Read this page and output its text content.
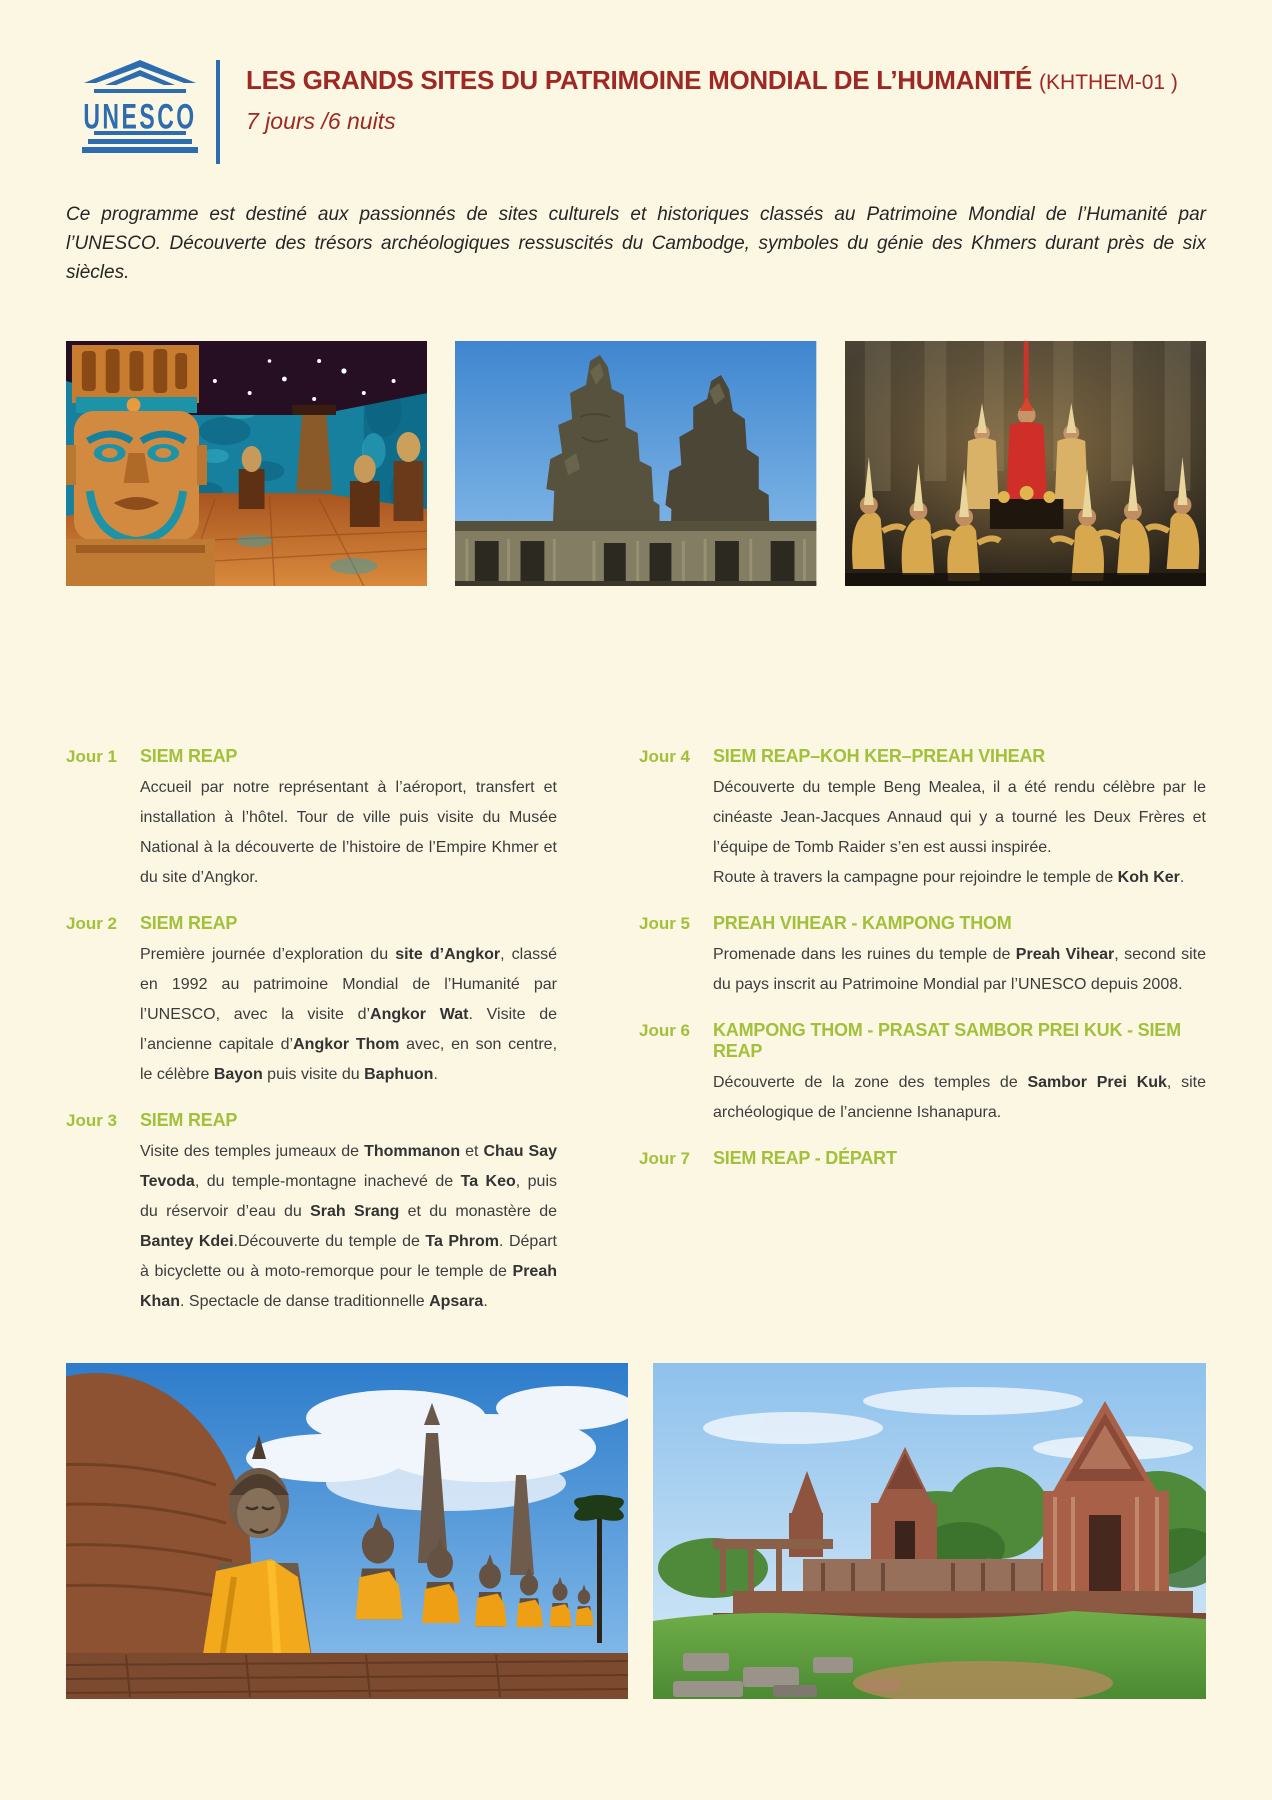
UNESCO
LES GRANDS SITES DU PATRIMOINE MONDIAL DE L’HUMANITÉ (KHTHEM-01 )
7 jours /6 nuits

Ce programme est destiné aux passionnés de sites culturels et historiques classés au Patrimoine Mondial de l’Humanité par l’UNESCO. Découverte des trésors archéologiques ressuscités du Cambodge, symboles du génie des Khmers durant près de six siècles.

Jour 1	SIEM REAP

Accueil par notre représentant à l’aéroport, transfert et installation à l’hôtel. Tour de ville puis visite du Musée National à la découverte de l’histoire de l’Empire Khmer et du site d’Angkor.

Jour 2	SIEM REAP

Première journée d’exploration du site d’Angkor, classé en 1992 au patrimoine Mondial de l’Humanité par l’UNESCO, avec la visite d’Angkor Wat. Visite de l’ancienne capitale d’Angkor Thom avec, en son centre, le célèbre Bayon puis visite du Baphuon.

Jour 3	SIEM REAP

Visite des temples jumeaux de Thommanon et Chau Say Tevoda, du temple-montagne inachevé de Ta Keo, puis du réservoir d’eau du Srah Srang et du monastère de Bantey Kdei.Découverte du temple de Ta Phrom. Départ à bicyclette ou à moto-remorque pour le temple de Preah Khan. Spectacle de danse traditionnelle Apsara.

Jour 4	SIEM REAP–KOH KER–PREAH VIHEAR

Découverte du temple Beng Mealea, il a été rendu célèbre par le cinéaste Jean-Jacques Annaud qui y a tourné les Deux Frères et l’équipe de Tomb Raider s’en est aussi inspirée.

Route à travers la campagne pour rejoindre le temple de Koh Ker.

Jour 5	PREAH VIHEAR - KAMPONG THOM

Promenade dans les ruines du temple de Preah Vihear, second site du pays inscrit au Patrimoine Mondial par l’UNESCO depuis 2008.

Jour 6	KAMPONG THOM - PRASAT SAMBOR PREI KUK - SIEM REAP

Découverte de la zone des temples de Sambor Prei Kuk, site archéologique de l’ancienne Ishanapura.

Jour 7	SIEM REAP - DÉPART
